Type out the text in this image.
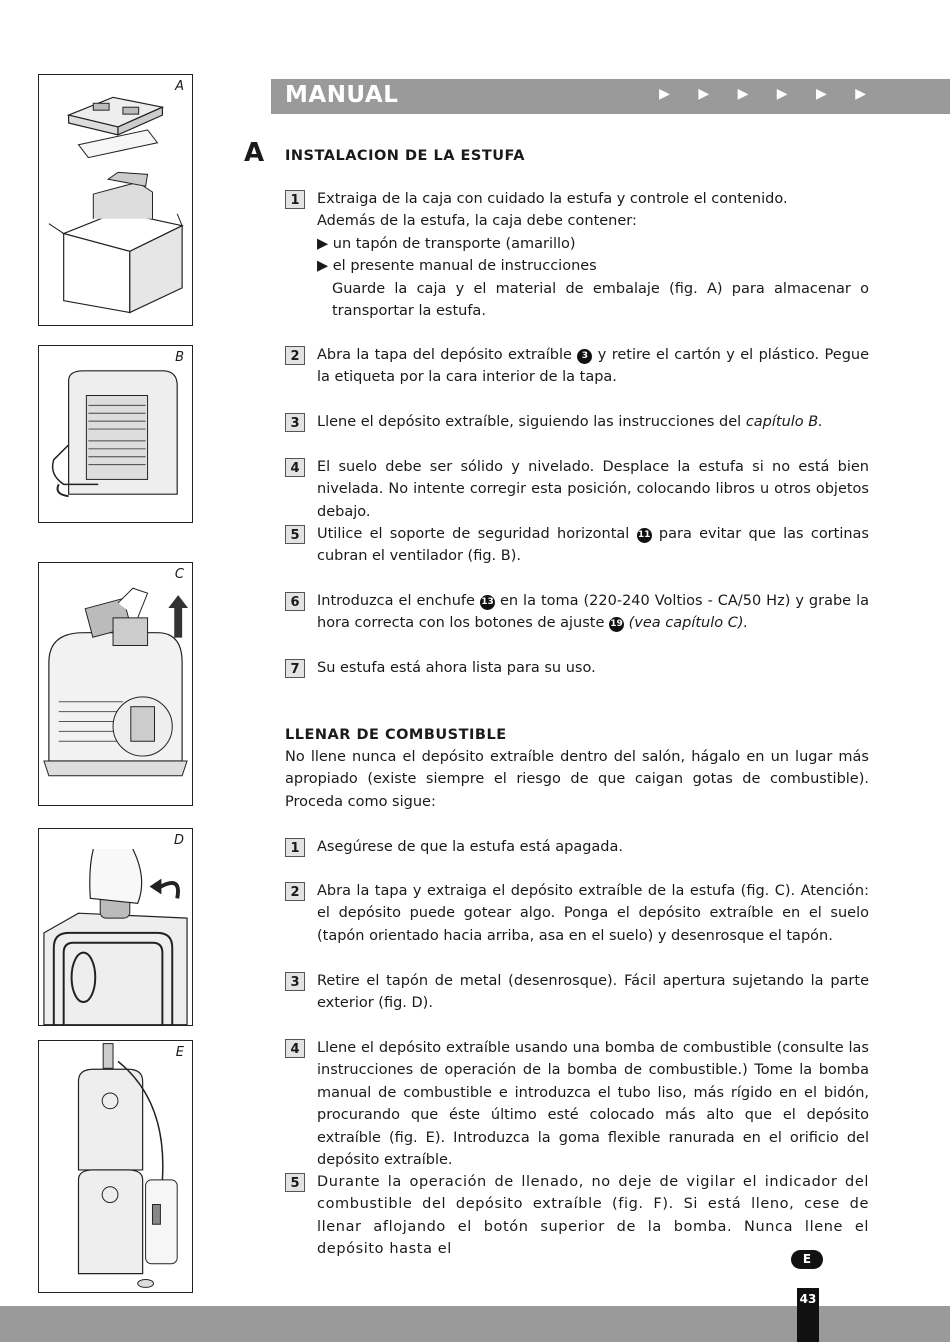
A
B
C
D
E
MANUAL	▶ ▶ ▶ ▶ ▶ ▶
A INSTALACION DE LA ESTUFA
1	Extraiga de la caja con cuidado la estufa y controle el contenido.
Además de la estufa, la caja debe contener:
▶ un tapón de transporte (amarillo)
▶ el presente manual de instrucciones
Guarde la caja y el material de embalaje (fig. A) para almacenar o transportar la estufa.
2	Abra la tapa del depósito extraíble 3 y retire el cartón y el plástico. Pegue la etiqueta por la cara interior de la tapa.
3	Llene el depósito extraíble, siguiendo las instrucciones del capítulo B.
4	El suelo debe ser sólido y nivelado. Desplace la estufa si no está bien nivelada. No intente corregir esta posición, colocando libros u otros objetos debajo.
5	Utilice el soporte de seguridad horizontal 11 para evitar que las cortinas cubran el ventilador (fig. B).
6	Introduzca el enchufe 13 en la toma (220-240 Voltios - CA/50 Hz) y grabe la hora correcta con los botones de ajuste 19 (vea capítulo C).
7	Su estufa está ahora lista para su uso.
LLENAR DE COMBUSTIBLE
No llene nunca el depósito extraíble dentro del salón, hágalo en un lugar más apropiado (existe siempre el riesgo de que caigan gotas de combustible). Proceda como sigue:
1	Asegúrese de que la estufa está apagada.
2	Abra la tapa y extraiga el depósito extraíble de la estufa (fig. C). Atención: el depósito puede gotear algo. Ponga el depósito extraíble en el suelo (tapón orientado hacia arriba, asa en el suelo) y desenrosque el tapón.
3	Retire el tapón de metal (desenrosque). Fácil apertura sujetando la parte exterior (fig. D).
4	Llene el depósito extraíble usando una bomba de combustible (consulte las instrucciones de operación de la bomba de combustible.) Tome la bomba manual de combustible e introduzca el tubo liso, más rígido en el bidón, procurando que éste último esté colocado más alto que el depósito extraíble (fig. E). Introduzca la goma flexible ranurada en el orificio del depósito extraíble.
5	Durante la operación de llenado, no deje de vigilar el indicador del combustible del depósito extraíble (fig. F). Si está lleno, cese de llenar aflojando el botón superior de la bomba. Nunca llene el depósito hasta el
E
43
